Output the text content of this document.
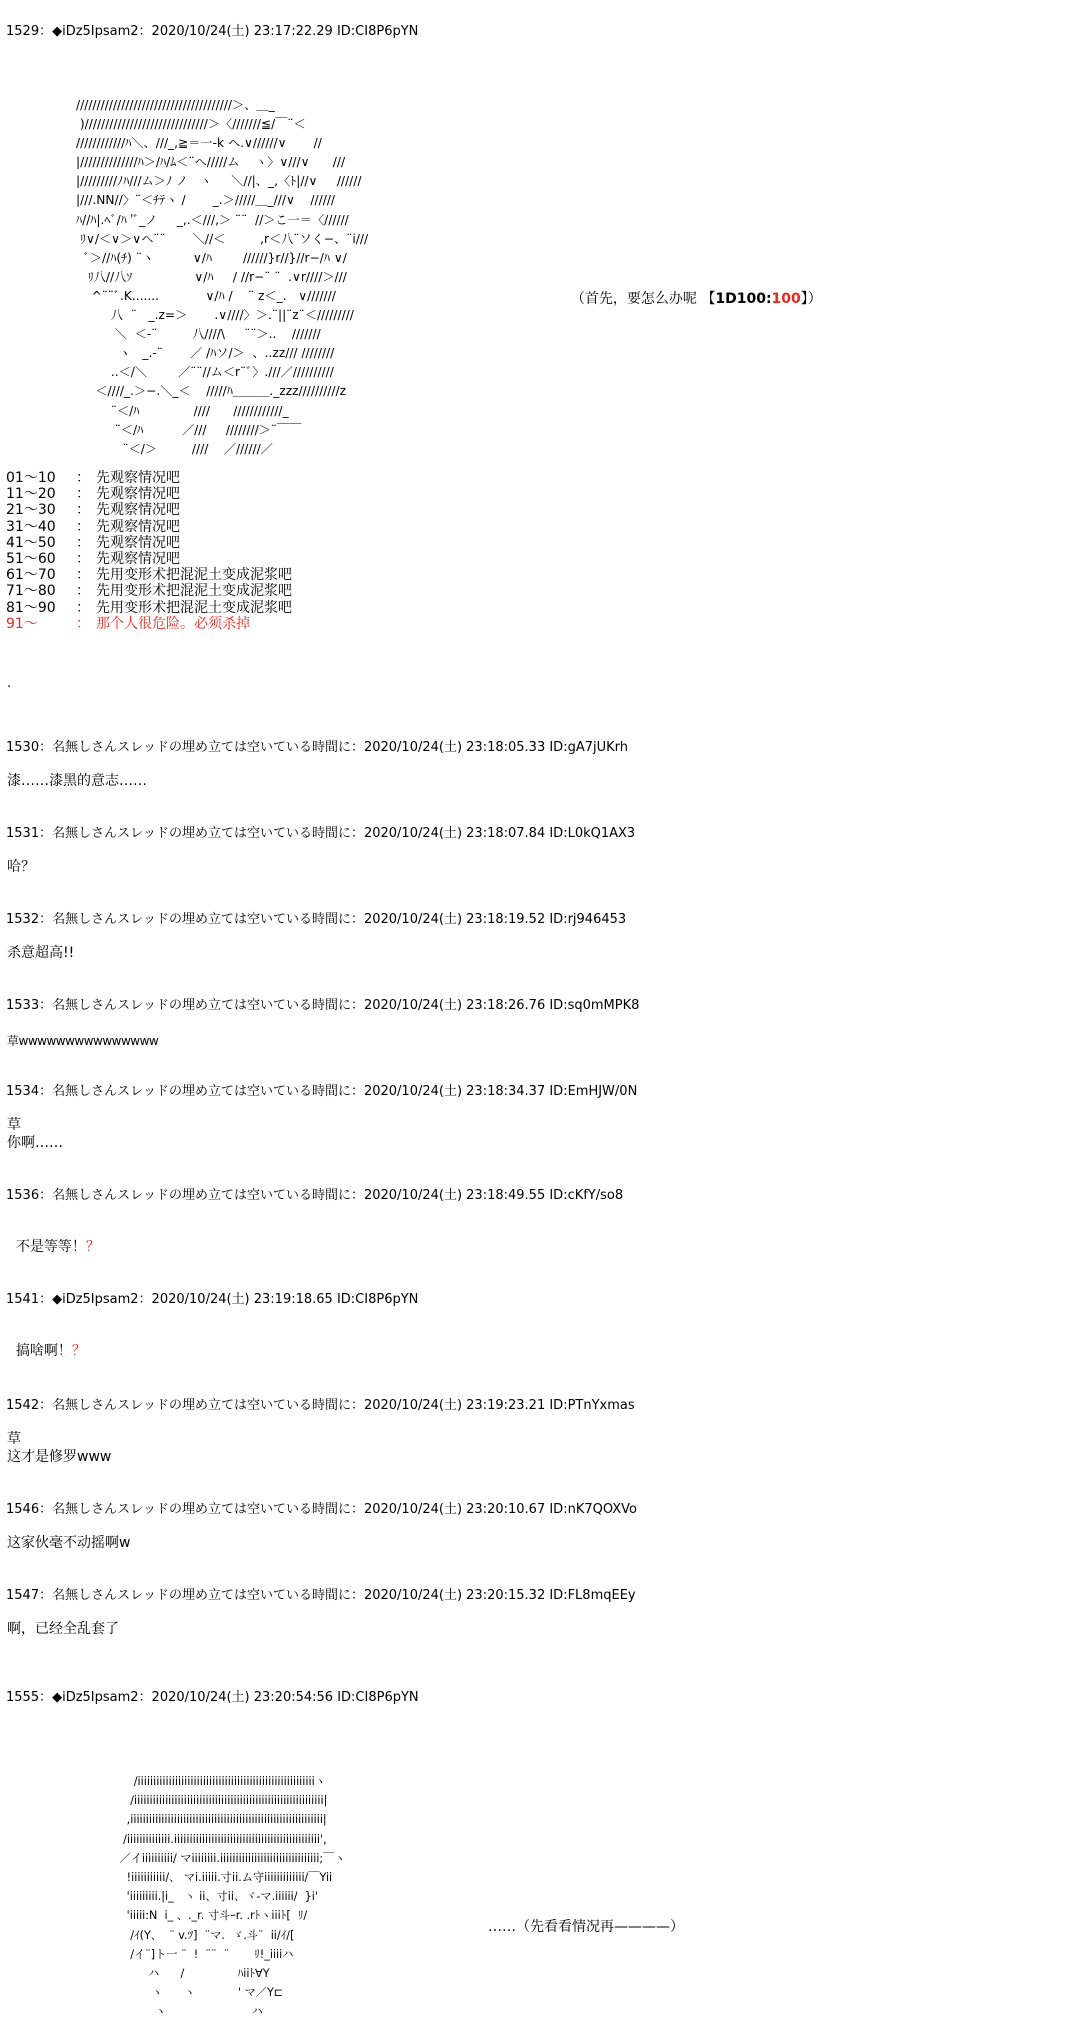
1529：◆iDz5Ipsam2：2020/10/24(土) 23:17:22.29 ID:CI8P6pYN
//////////////////////////////////////＞、＿_
)//////////////////////////////＞〈///////≦/￣¨＜
////////////ﾊ＼、///_,≧＝一-k ヘ.∨//////∨       //
|//////////////ﾊ＞/ﾊ/ﾑ＜¨ヘ/////ム    ヽ〉∨///∨      ///
|/////////ﾉﾊ///ム＞ﾉ ノ   ヽ     ＼//|、_,〈ﾄ|//∨     //////
|///.NN//〉¨＜ﾁﾃヽ /       _.＞/////＿_///∨    //////
ﾊ//ﾊ|.ﾍﾞ/ﾊ 'ﾞ_ノ     _,.＜///,＞ ¨¨  //＞こ一＝〈//////
ﾘ∨/＜∨＞∨ヘ¨¨       ＼//＜         ,r＜八¨ソく−、¨i///
ﾞ＞//ﾊ(ﾁ) ¨ヽ          ∨/ﾊ        //////}r//}//r−/ﾊ ∨/
ﾘ八//八ｿ                ∨/ﾊ     / //r−¨ ¨  .∨r////＞///
^¨¨ﾞ.K.......            ∨/ﾊ /    ¨ z＜_.   ∨///////
八  ¨   _.z=＞       .∨////〉＞.¨||¨z¨＜/////////
＼  ＜-¨         八////\     ¨¨＞..    ///////
ヽ   _.-¨       ／ /ﾊソ/＞  、..zz/// ////////
..＜/＼        ／¨¨//ム＜r¨ﾞ〉.///／//////////
＜////_.＞−.＼_＜    /////ﾊ＿＿＿._zzz//////////z
¨＜/ﾊ              ////      ////////////_
¨＜/ﾊ          ／///     ////////＞¨￣￣
¨＜/＞         ////    ／//////／

（首先，要怎么办呢 【1D100:100】）

01～10 ： 先观察情况吧
11～20 ： 先观察情况吧
21～30 ： 先观察情况吧
31～40 ： 先观察情况吧
41～50 ： 先观察情况吧
51～60 ： 先观察情况吧
61～70 ： 先用变形术把混泥土变成泥浆吧
71～80 ： 先用变形术把混泥土变成泥浆吧
81～90 ： 先用变形术把混泥土变成泥浆吧
91～	： 那个人很危险。必须杀掉
.
1530：名無しさんスレッドの埋め立ては空いている時間に：2020/10/24(土) 23:18:05.33 ID:gA7jUKrh
漆……漆黑的意志……
1531：名無しさんスレッドの埋め立ては空いている時間に：2020/10/24(土) 23:18:07.84 ID:L0kQ1AX3
哈？
1532：名無しさんスレッドの埋め立ては空いている時間に：2020/10/24(土) 23:18:19.52 ID:rj946453
杀意超高!!
1533：名無しさんスレッドの埋め立ては空いている時間に：2020/10/24(土) 23:18:26.76 ID:sq0mMPK8
草wwwwwwwwwwwwwww
1534：名無しさんスレッドの埋め立ては空いている時間に：2020/10/24(土) 23:18:34.37 ID:EmHJW/0N
草
你啊……
1536：名無しさんスレッドの埋め立ては空いている時間に：2020/10/24(土) 23:18:49.55 ID:cKfY/so8

不是等等！？

1541：◆iDz5Ipsam2：2020/10/24(土) 23:19:18.65 ID:CI8P6pYN

搞啥啊！？

1542：名無しさんスレッドの埋め立ては空いている時間に：2020/10/24(土) 23:19:23.21 ID:PTnYxmas
草
这才是修罗www
1546：名無しさんスレッドの埋め立ては空いている時間に：2020/10/24(土) 23:20:10.67 ID:nK7QOXVo
这家伙毫不动摇啊w
1547：名無しさんスレッドの埋め立ては空いている時間に：2020/10/24(土) 23:20:15.32 ID:FL8mqEEy
啊，已经全乱套了
1555：◆iDz5Ipsam2：2020/10/24(土) 23:20:54:56 ID:CI8P6pYN
/iiiiiiiiiiiiiiiiiiiiiiiiiiiiiiiiiiiiiiiiiiiiiiiiiiiiiiiiiヽ
/iiiiiiiiiiiiiiiiiiiiiiiiiiiiiiiiiiiiiiiiiiiiiiiiiiiiiiiiiiiii|
,iiiiiiiiiiiiiiiiiiiiiiiiiiiiiiiiiiiiiiiiiiiiiiiiiiiiiiiiiiiiii|
/iiiiiiiiiiiiii.iiiiiiiiiiiiiiiiiiiiiiiiiiiiiiiiiiiiiiiiiiiiiii',
／イiiiiiiiiii/ マiiiiiiii.iiiiiiiiiiiiiiiiiiiiiiiiiiiiiiii;￣ヽ
!iiiiiiiiiii/、 マi.iiiii.寸ii.ム守iiiiiiiiiiiii/￣Yii
'iiiiiiiii.|i_   ヽ ii、寸ii、ヾ-マ.iiiiii/  }i'
'iiiii:N  i_ 、._r. 寸斗ｰr. .rﾄヽiiiﾄ[  ﾘ/
/ｲ(Y、  ¨ v.ﾂ]  ¨マ.  ゞ.斗¨  ii/ｲ/[
/イ¨]ト一 ¨  !  ¨¨  ¨       ﾘ!_iiiiハ
ハ      /               ﾊiiﾄ∀Y
ヽ      ヽ            ' マ／Y⊏
ヽ                        ハ
……（先看看情况再————）
